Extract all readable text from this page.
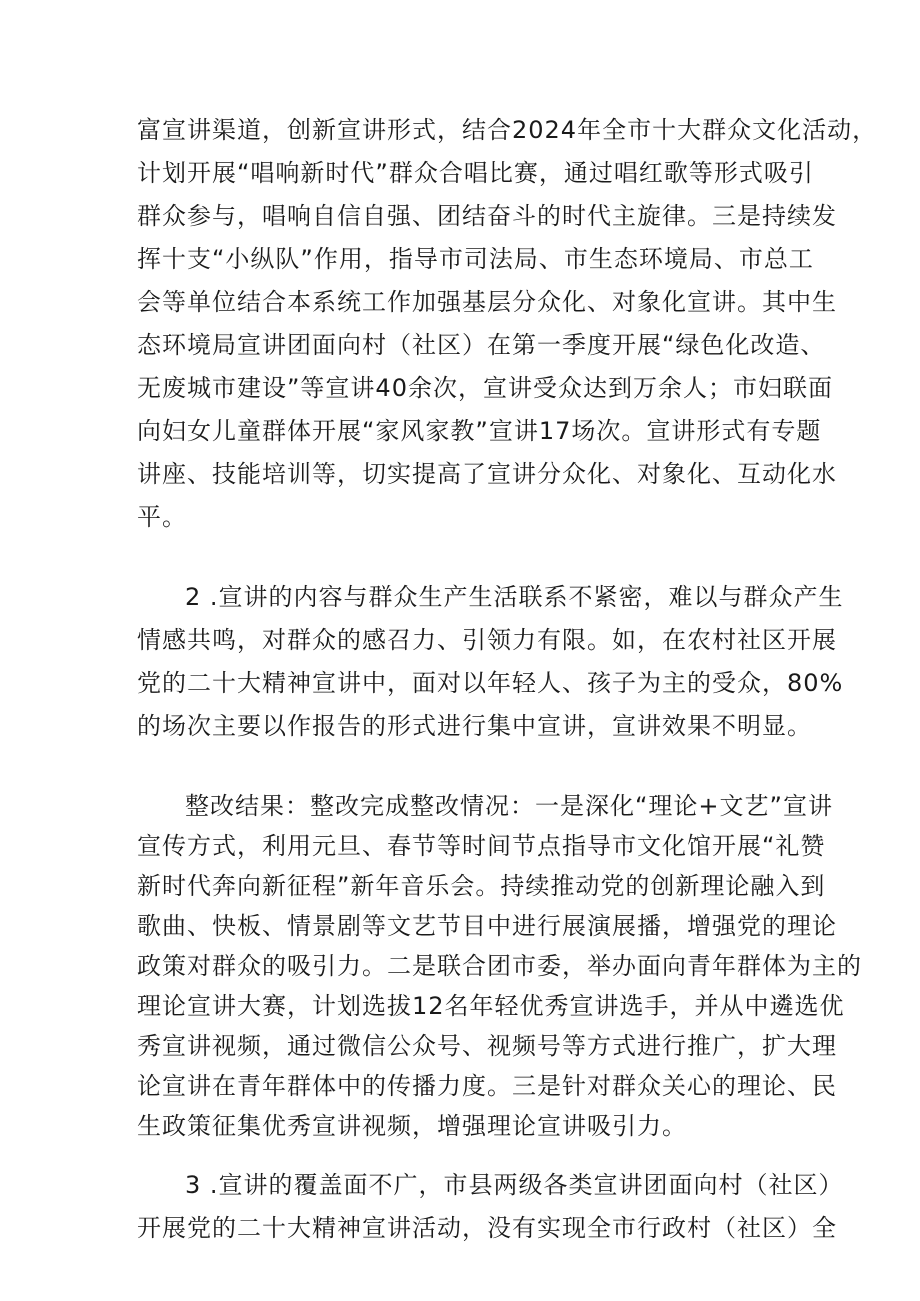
富宣讲渠道，创新宣讲形式，结合2024年全市十大群众文化活动，

计划开展“唱响新时代”群众合唱比赛，通过唱红歌等形式吸引

群众参与，唱响自信自强、团结奋斗的时代主旋律。三是持续发

挥十支“小纵队”作用，指导市司法局、市生态环境局、市总工

会等单位结合本系统工作加强基层分众化、对象化宣讲。其中生

态环境局宣讲团面向村（社区）在第一季度开展“绿色化改造、

无废城市建设”等宣讲40余次，宣讲受众达到万余人；市妇联面

向妇女儿童群体开展“家风家教”宣讲17场次。宣讲形式有专题

讲座、技能培训等，切实提高了宣讲分众化、对象化、互动化水

平。

2 .宣讲的内容与群众生产生活联系不紧密，难以与群众产生

情感共鸣，对群众的感召力、引领力有限。如，在农村社区开展

党的二十大精神宣讲中，面对以年轻人、孩子为主的受众，80%

的场次主要以作报告的形式进行集中宣讲，宣讲效果不明显。

整改结果：整改完成整改情况：一是深化“理论+文艺”宣讲

宣传方式，利用元旦、春节等时间节点指导市文化馆开展“礼赞

新时代奔向新征程”新年音乐会。持续推动党的创新理论融入到

歌曲、快板、情景剧等文艺节目中进行展演展播，增强党的理论

政策对群众的吸引力。二是联合团市委，举办面向青年群体为主的

理论宣讲大赛，计划选拔12名年轻优秀宣讲选手，并从中遴选优

秀宣讲视频，通过微信公众号、视频号等方式进行推广，扩大理

论宣讲在青年群体中的传播力度。三是针对群众关心的理论、民

生政策征集优秀宣讲视频，增强理论宣讲吸引力。

3 .宣讲的覆盖面不广，市县两级各类宣讲团面向村（社区）

开展党的二十大精神宣讲活动，没有实现全市行政村（社区）全
